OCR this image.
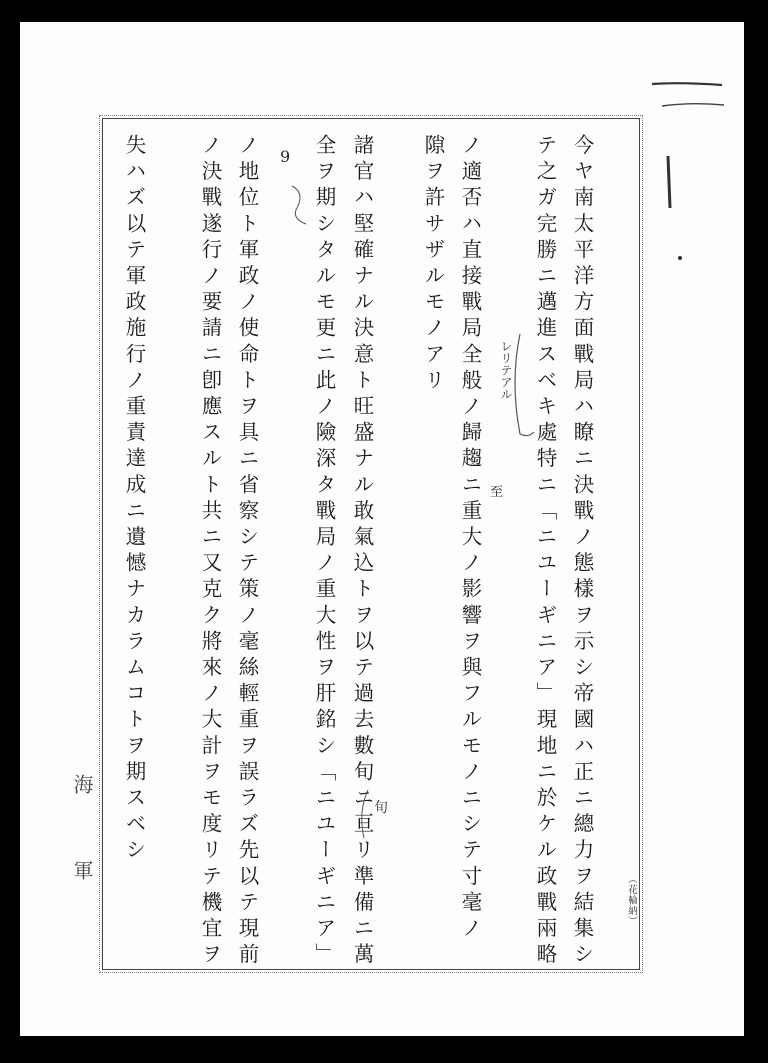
今ヤ南太平洋方面戰局ハ瞭ニ決戰ノ態樣ヲ示シ帝國ハ正ニ總力ヲ結集シ

テ之ガ完勝ニ邁進スベキ處特ニ「ニユーギニア」現地ニ於ケル政戰兩略

ノ適否ハ直接戰局全般ノ歸趨ニ重大ノ影響ヲ與フルモノニシテ寸毫ノ

隙ヲ許サザルモノアリ

諸官ハ堅確ナル決意ト旺盛ナル敢氣込トヲ以テ過去數旬ニ亘リ準備ニ萬

全ヲ期シタルモ更ニ此ノ險深タ戰局ノ重大性ヲ肝銘シ「ニユーギニア」

ノ地位ト軍政ノ使命トヲ具ニ省察シテ策ノ毫絲輕重ヲ誤ラズ先以テ現前

ノ決戰遂行ノ要請ニ卽應スルト共ニ又克ク將來ノ大計ヲモ度リテ機宜ヲ

失ハズ以テ軍政施行ノ重責達成ニ遺憾ナカラムコトヲ期スベシ

海軍	（花輪納）
レリテアル
至
9
旬
